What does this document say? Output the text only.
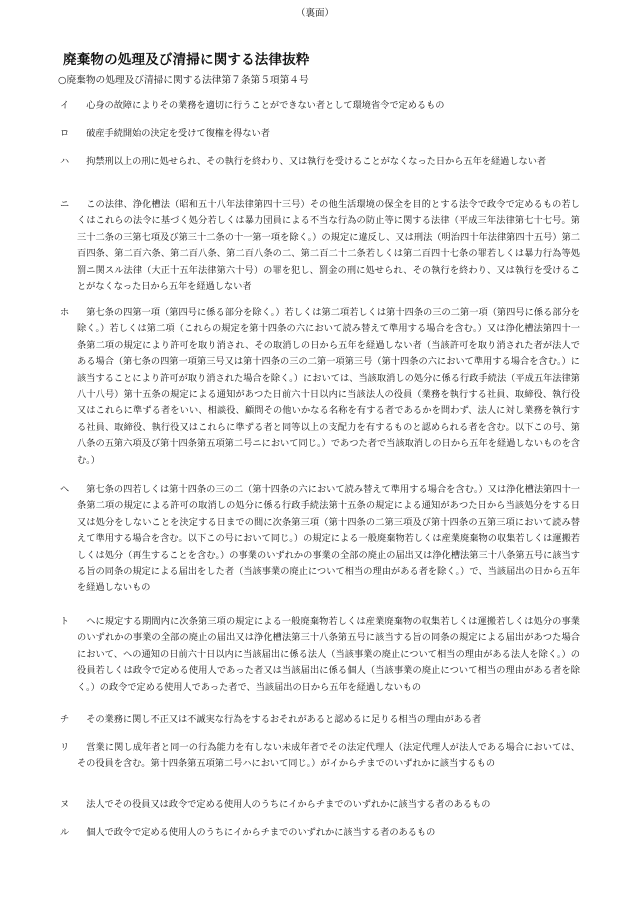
（裏面）
廃棄物の処理及び清掃に関する法律抜粋
○廃棄物の処理及び清掃に関する法律第７条第５項第４号
イ	心身の故障によりその業務を適切に行うことができない者として環境省令で定めるもの
ロ	破産手続開始の決定を受けて復権を得ない者
ハ	拘禁刑以上の刑に処せられ、その執行を終わり、又は執行を受けることがなくなった日から五年を経過しない者
ニ	この法律、浄化槽法（昭和五十八年法律第四十三号）その他生活環境の保全を目的とする法令で政令で定めるもの若しくはこれらの法令に基づく処分若しくは暴力団員による不当な行為の防止等に関する法律（平成三年法律第七十七号。第三十二条の三第七項及び第三十二条の十一第一項を除く。）の規定に違反し、又は刑法（明治四十年法律第四十五号）第二百四条、第二百六条、第二百八条、第二百八条の二、第二百二十二条若しくは第二百四十七条の罪若しくは暴力行為等処罰ニ関スル法律（大正十五年法律第六十号）の罪を犯し、罰金の刑に処せられ、その執行を終わり、又は執行を受けることがなくなった日から五年を経過しない者
ホ	第七条の四第一項（第四号に係る部分を除く。）若しくは第二項若しくは第十四条の三の二第一項（第四号に係る部分を除く。）若しくは第二項（これらの規定を第十四条の六において読み替えて準用する場合を含む。）又は浄化槽法第四十一条第二項の規定により許可を取り消され、その取消しの日から五年を経過しない者（当該許可を取り消された者が法人である場合（第七条の四第一項第三号又は第十四条の三の二第一項第三号（第十四条の六において準用する場合を含む。）に該当することにより許可が取り消された場合を除く。）においては、当該取消しの処分に係る行政手続法（平成五年法律第八十八号）第十五条の規定による通知があつた日前六十日以内に当該法人の役員（業務を執行する社員、取締役、執行役又はこれらに準ずる者をいい、相談役、顧問その他いかなる名称を有する者であるかを問わず、法人に対し業務を執行する社員、取締役、執行役又はこれらに準ずる者と同等以上の支配力を有するものと認められる者を含む。以下この号、第八条の五第六項及び第十四条第五項第二号ニにおいて同じ。）であつた者で当該取消しの日から五年を経過しないものを含む。）
ヘ	第七条の四若しくは第十四条の三の二（第十四条の六において読み替えて準用する場合を含む。）又は浄化槽法第四十一条第二項の規定による許可の取消しの処分に係る行政手続法第十五条の規定による通知があつた日から当該処分をする日又は処分をしないことを決定する日までの間に次条第三項（第十四条の二第三項及び第十四条の五第三項において読み替えて準用する場合を含む。以下この号において同じ。）の規定による一般廃棄物若しくは産業廃棄物の収集若しくは運搬若しくは処分（再生することを含む。）の事業のいずれかの事業の全部の廃止の届出又は浄化槽法第三十八条第五号に該当する旨の同条の規定による届出をした者（当該事業の廃止について相当の理由がある者を除く。）で、当該届出の日から五年を経過しないもの
ト	ヘに規定する期間内に次条第三項の規定による一般廃棄物若しくは産業廃棄物の収集若しくは運搬若しくは処分の事業のいずれかの事業の全部の廃止の届出又は浄化槽法第三十八条第五号に該当する旨の同条の規定による届出があつた場合において、ヘの通知の日前六十日以内に当該届出に係る法人（当該事業の廃止について相当の理由がある法人を除く。）の役員若しくは政令で定める使用人であった者又は当該届出に係る個人（当該事業の廃止について相当の理由がある者を除く。）の政令で定める使用人であった者で、当該届出の日から五年を経過しないもの
チ	その業務に関し不正又は不誠実な行為をするおそれがあると認めるに足りる相当の理由がある者
リ	営業に関し成年者と同一の行為能力を有しない未成年者でその法定代理人（法定代理人が法人である場合においては、その役員を含む。第十四条第五項第二号ハにおいて同じ。）がイからチまでのいずれかに該当するもの
ヌ	法人でその役員又は政令で定める使用人のうちにイからチまでのいずれかに該当する者のあるもの
ル	個人で政令で定める使用人のうちにイからチまでのいずれかに該当する者のあるもの
